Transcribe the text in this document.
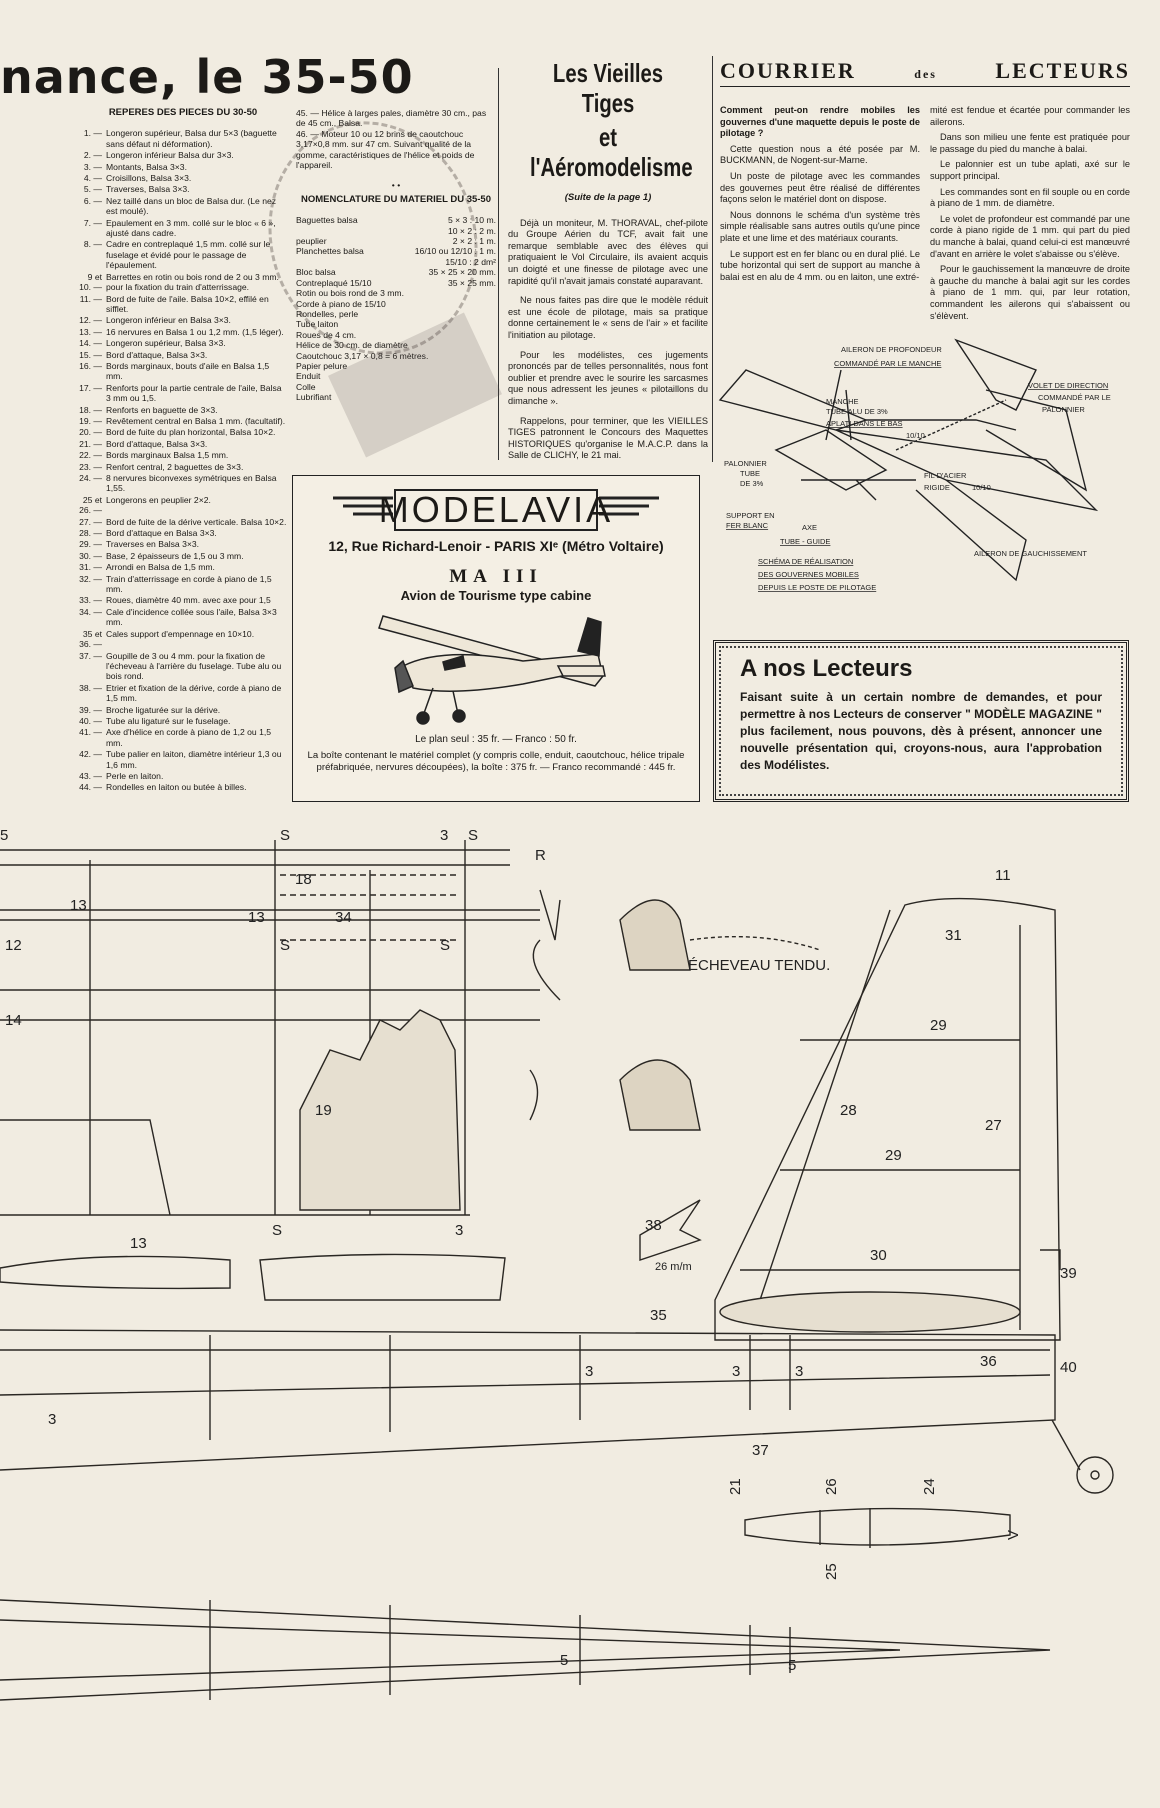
nance, le 35-50
REPERES DES PIECES DU 30-50
1. — Longeron supérieur, Balsa dur 5×3 (baguette sans défaut ni déformation).
2. — Longeron inférieur Balsa dur 3×3.
3. — Montants, Balsa 3×3.
4. — Croisillons, Balsa 3×3.
5. — Traverses, Balsa 3×3.
6. — Nez taillé dans un bloc de Balsa dur. (Le nez est moulé).
7. — Epaulement en 3 mm. collé sur le bloc « 6 », ajusté dans cadre.
8. — Cadre en contreplaqué 1,5 mm. collé sur le fuselage et évidé pour le passage de l'épaulement.
9 et 10. —
Barrettes en rotin ou bois rond de 2 ou 3 mm. pour la fixation du train d'atterrissage.
11. — Bord de fuite de l'aile. Balsa 10×2, effilé en sifflet.
12. — Longeron inférieur en Balsa 3×3.
13. — 16 nervures en Balsa 1 ou 1,2 mm. (1,5 léger).
14. — Longeron supérieur, Balsa 3×3.
15. — Bord d'attaque, Balsa 3×3.
16. — Bords marginaux, bouts d'aile en Balsa 1,5 mm.
17. — Renforts pour la partie centrale de l'aile, Balsa 3 mm ou 1,5.
18. — Renforts en baguette de 3×3.
19. — Revêtement central en Balsa 1 mm. (facultatif).
20. — Bord de fuite du plan horizontal, Balsa 10×2.
21. — Bord d'attaque, Balsa 3×3.
22. — Bords marginaux Balsa 1,5 mm.
23. — Renfort central, 2 baguettes de 3×3.
24. — 8 nervures biconvexes symétriques en Balsa 1,55.
25 et 26. —
Longerons en peuplier 2×2.
27. — Bord de fuite de la dérive verticale. Balsa 10×2.
28. — Bord d'attaque en Balsa 3×3.
29. — Traverses en Balsa 3×3.
30. — Base, 2 épaisseurs de 1,5 ou 3 mm.
31. — Arrondi en Balsa de 1,5 mm.
32. — Train d'atterrissage en corde à piano de 1,5 mm.
33. — Roues, diamètre 40 mm. avec axe pour 1,5
34. — Cale d'incidence collée sous l'aile, Balsa 3×3 mm.
35 et 36. —
Cales support d'empennage en 10×10.
37. — Goupille de 3 ou 4 mm. pour la fixation de l'écheveau à l'arrière du fuselage. Tube alu ou bois rond.
38. — Etrier et fixation de la dérive, corde à piano de 1,5 mm.
39. — Broche ligaturée sur la dérive.
40. — Tube alu ligaturé sur le fuselage.
41. — Axe d'hélice en corde à piano de 1,2 ou 1,5 mm.
42. — Tube palier en laiton, diamètre intérieur 1,3 ou 1,6 mm.
43. — Perle en laiton.
44. — Rondelles en laiton ou butée à billes.
45. — Hélice à larges pales, diamètre 30 cm., pas de 45 cm., Balsa.
46. — Moteur 10 ou 12 brins de caoutchouc 3,17×0,8 mm. sur 47 cm. Suivant qualité de la gomme, caractéristiques de l'hélice et poids de l'appareil.
• •
NOMENCLATURE DU MATERIEL DU 35-50
Baguettes balsa	5 × 3 : 10 m.
10 × 2 : 2 m.
peuplier	2 × 2 : 1 m.
Planchettes balsa	16/10 ou 12/10 : 1 m.
15/10 : 2 dm²
Bloc balsa	35 × 25 × 20 mm.
Contreplaqué 15/10	35 × 25 mm.
Rotin ou bois rond de 3 mm.
Corde à piano de 15/10
Rondelles, perle
Tube laiton
Roues de 4 cm.
Hélice de 30 cm. de diamètre
Caoutchouc 3,17 × 0,8 = 6 mètres.
Papier pelure
Enduit
Colle
Lubrifiant
Les Vieilles Tiges
et l'Aéromodelisme
(Suite de la page 1)

Déjà un moniteur, M. THORAVAL, chef-pilote du Groupe Aérien du TCF, avait fait une remarque semblable avec des élèves qui pratiquaient le Vol Circulaire, ils avaient acquis un doigté et une finesse de pilotage avec une rapidité qu'il n'avait jamais constaté auparavant.

Ne nous faites pas dire que le modèle réduit est une école de pilotage, mais sa pratique donne certainement le « sens de l'air » et facilite l'initiation au pilotage.

Pour les modélistes, ces jugements prononcés par de telles personnalités, nous font oublier et prendre avec le sourire les sarcasmes que nous adressent les jeunes « pilotaillons du dimanche ».

Rappelons, pour terminer, que les VIEILLES TIGES patronnent le Concours des Maquettes HISTORIQUES qu'organise le M.A.C.P. dans la Salle de CLICHY, le 21 mai.

COURRIER	des	LECTEURS

Comment peut-on rendre mobiles les gouvernes d'une maquette depuis le poste de pilotage ?

Cette question nous a été posée par M. BUCKMANN, de Nogent-sur-Marne.

Un poste de pilotage avec les commandes des gouvernes peut être réalisé de différentes façons selon le matériel dont on dispose.

Nous donnons le schéma d'un système très simple réalisable sans autres outils qu'une pince plate et une lime et des matériaux courants.

Le support est en fer blanc ou en dural plié. Le tube horizontal qui sert de support au manche à balai est en alu de 4 mm. ou en laiton, une extré-

mité est fendue et écartée pour commander les ailerons.

Dans son milieu une fente est pratiquée pour le passage du pied du manche à balai.

Le palonnier est un tube aplati, axé sur le support principal.

Les commandes sont en fil souple ou en corde à piano de 1 mm. de diamètre.

Le volet de profondeur est commandé par une corde à piano rigide de 1 mm. qui part du pied du manche à balai, quand celui-ci est manœuvré d'avant en arrière le volet s'abaisse ou s'élève.

Pour le gauchissement la manœuvre de droite à gauche du manche à balai agit sur les cordes à piano de 1 mm. qui, par leur rotation, commandent les ailerons qui s'abaissent ou s'élèvent.

AILERON DE PROFONDEUR
COMMANDÉ PAR LE MANCHE
MANCHE
TUBE ALU DE 3%
APLATI DANS LE BAS
VOLET DE DIRECTION
COMMANDÉ PAR LE
PALONNIER
PALONNIER
TUBE
DE 3%
FIL D'ACIER
RIGIDE	10/10
10/10
SUPPORT EN
FER BLANC	AXE
TUBE - GUIDE
AILERON DE GAUCHISSEMENT
SCHÉMA DE RÉALISATION
DES GOUVERNES MOBILES
DEPUIS LE POSTE DE PILOTAGE
MODELAVIA
12, Rue Richard-Lenoir - PARIS XIᵉ (Métro Voltaire)
MA III
Avion de Tourisme type cabine
Le plan seul : 35 fr. — Franco : 50 fr.
La boîte contenant le matériel complet (y compris colle, enduit, caoutchouc, hélice tripale préfabriquée, nervures découpées), la boîte : 375 fr. — Franco recommandé : 445 fr.
A nos Lecteurs

Faisant suite à un certain nombre de demandes, et pour permettre à nos Lecteurs de conserver " MODÈLE MAGAZINE " plus facilement, nous pouvons, dès à présent, annoncer une nouvelle présentation qui, croyons-nous, aura l'approbation des Modélistes.

5	S	3 S
13
13
18
34
12	S	S
14
19
S	3
13
R
ÉCHEVEAU TENDU.
11
31
29
28
27
29
38
26 m/m
30
39
35
36	40
3
3	3	3
37
21	26	24
25
V
5	5
